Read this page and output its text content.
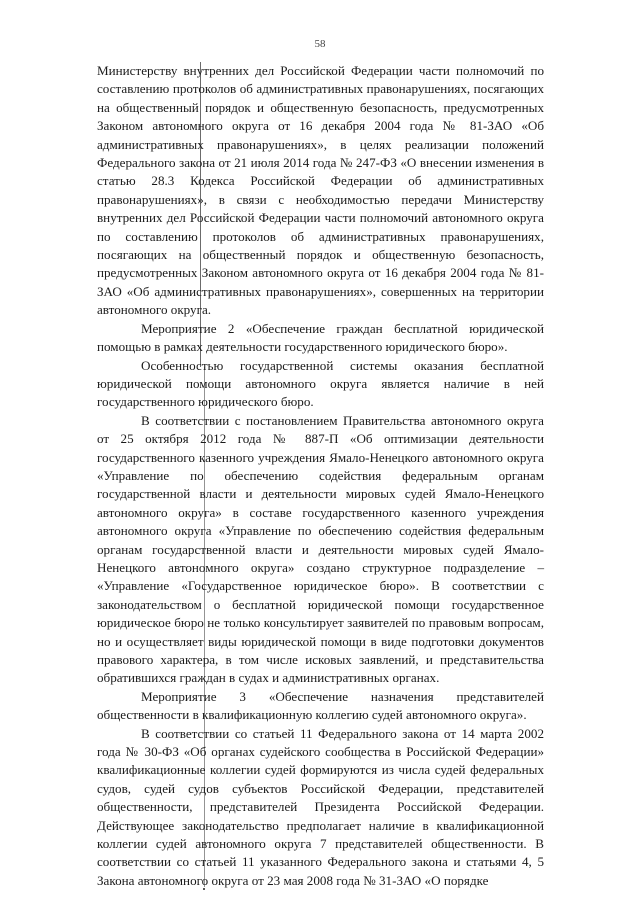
58

Министерству внутренних дел Российской Федерации части полномочий по составлению протоколов об административных правонарушениях, посягающих на общественный порядок и общественную безопасность, предусмотренных Законом автономного округа от 16 декабря 2004 года № 81-ЗАО «Об административных правонарушениях», в целях реализации положений Федерального закона от 21 июля 2014 года № 247-ФЗ «О внесении изменения в статью 28.3 Кодекса Российской Федерации об административных правонарушениях», в связи с необходимостью передачи Министерству внутренних дел Российской Федерации части полномочий автономного округа по составлению протоколов об административных правонарушениях, посягающих на общественный порядок и общественную безопасность, предусмотренных Законом автономного округа от 16 декабря 2004 года № 81-ЗАО «Об административных правонарушениях», совершенных на территории автономного округа.

Мероприятие 2 «Обеспечение граждан бесплатной юридической помощью в рамках деятельности государственного юридического бюро».

Особенностью государственной системы оказания бесплатной юридической помощи автономного округа является наличие в ней государственного юридического бюро.

В соответствии с постановлением Правительства автономного округа от 25 октября 2012 года № 887-П «Об оптимизации деятельности государственного казенного учреждения Ямало-Ненецкого автономного округа «Управление по обеспечению содействия федеральным органам государственной власти и деятельности мировых судей Ямало-Ненецкого автономного округа» в составе государственного казенного учреждения автономного округа «Управление по обеспечению содействия федеральным органам государственной власти и деятельности мировых судей Ямало-Ненецкого автономного округа» создано структурное подразделение – «Управление «Государственное юридическое бюро». В соответствии с законодательством о бесплатной юридической помощи государственное юридическое бюро не только консультирует заявителей по правовым вопросам, но и осуществляет виды юридической помощи в виде подготовки документов правового характера, в том числе исковых заявлений, и представительства обратившихся граждан в судах и административных органах.

Мероприятие 3 «Обеспечение назначения представителей общественности в квалификационную коллегию судей автономного округа».

В соответствии со статьей 11 Федерального закона от 14 марта 2002 года № 30-ФЗ «Об органах судейского сообщества в Российской Федерации» квалификационные коллегии судей формируются из числа судей федеральных судов, судей судов субъектов Российской Федерации, представителей общественности, представителей Президента Российской Федерации. Действующее законодательство предполагает наличие в квалификационной коллегии судей автономного округа 7 представителей общественности. В соответствии со статьей 11 указанного Федерального закона и статьями 4, 5 Закона автономного округа от 23 мая 2008 года № 31-ЗАО «О порядке
